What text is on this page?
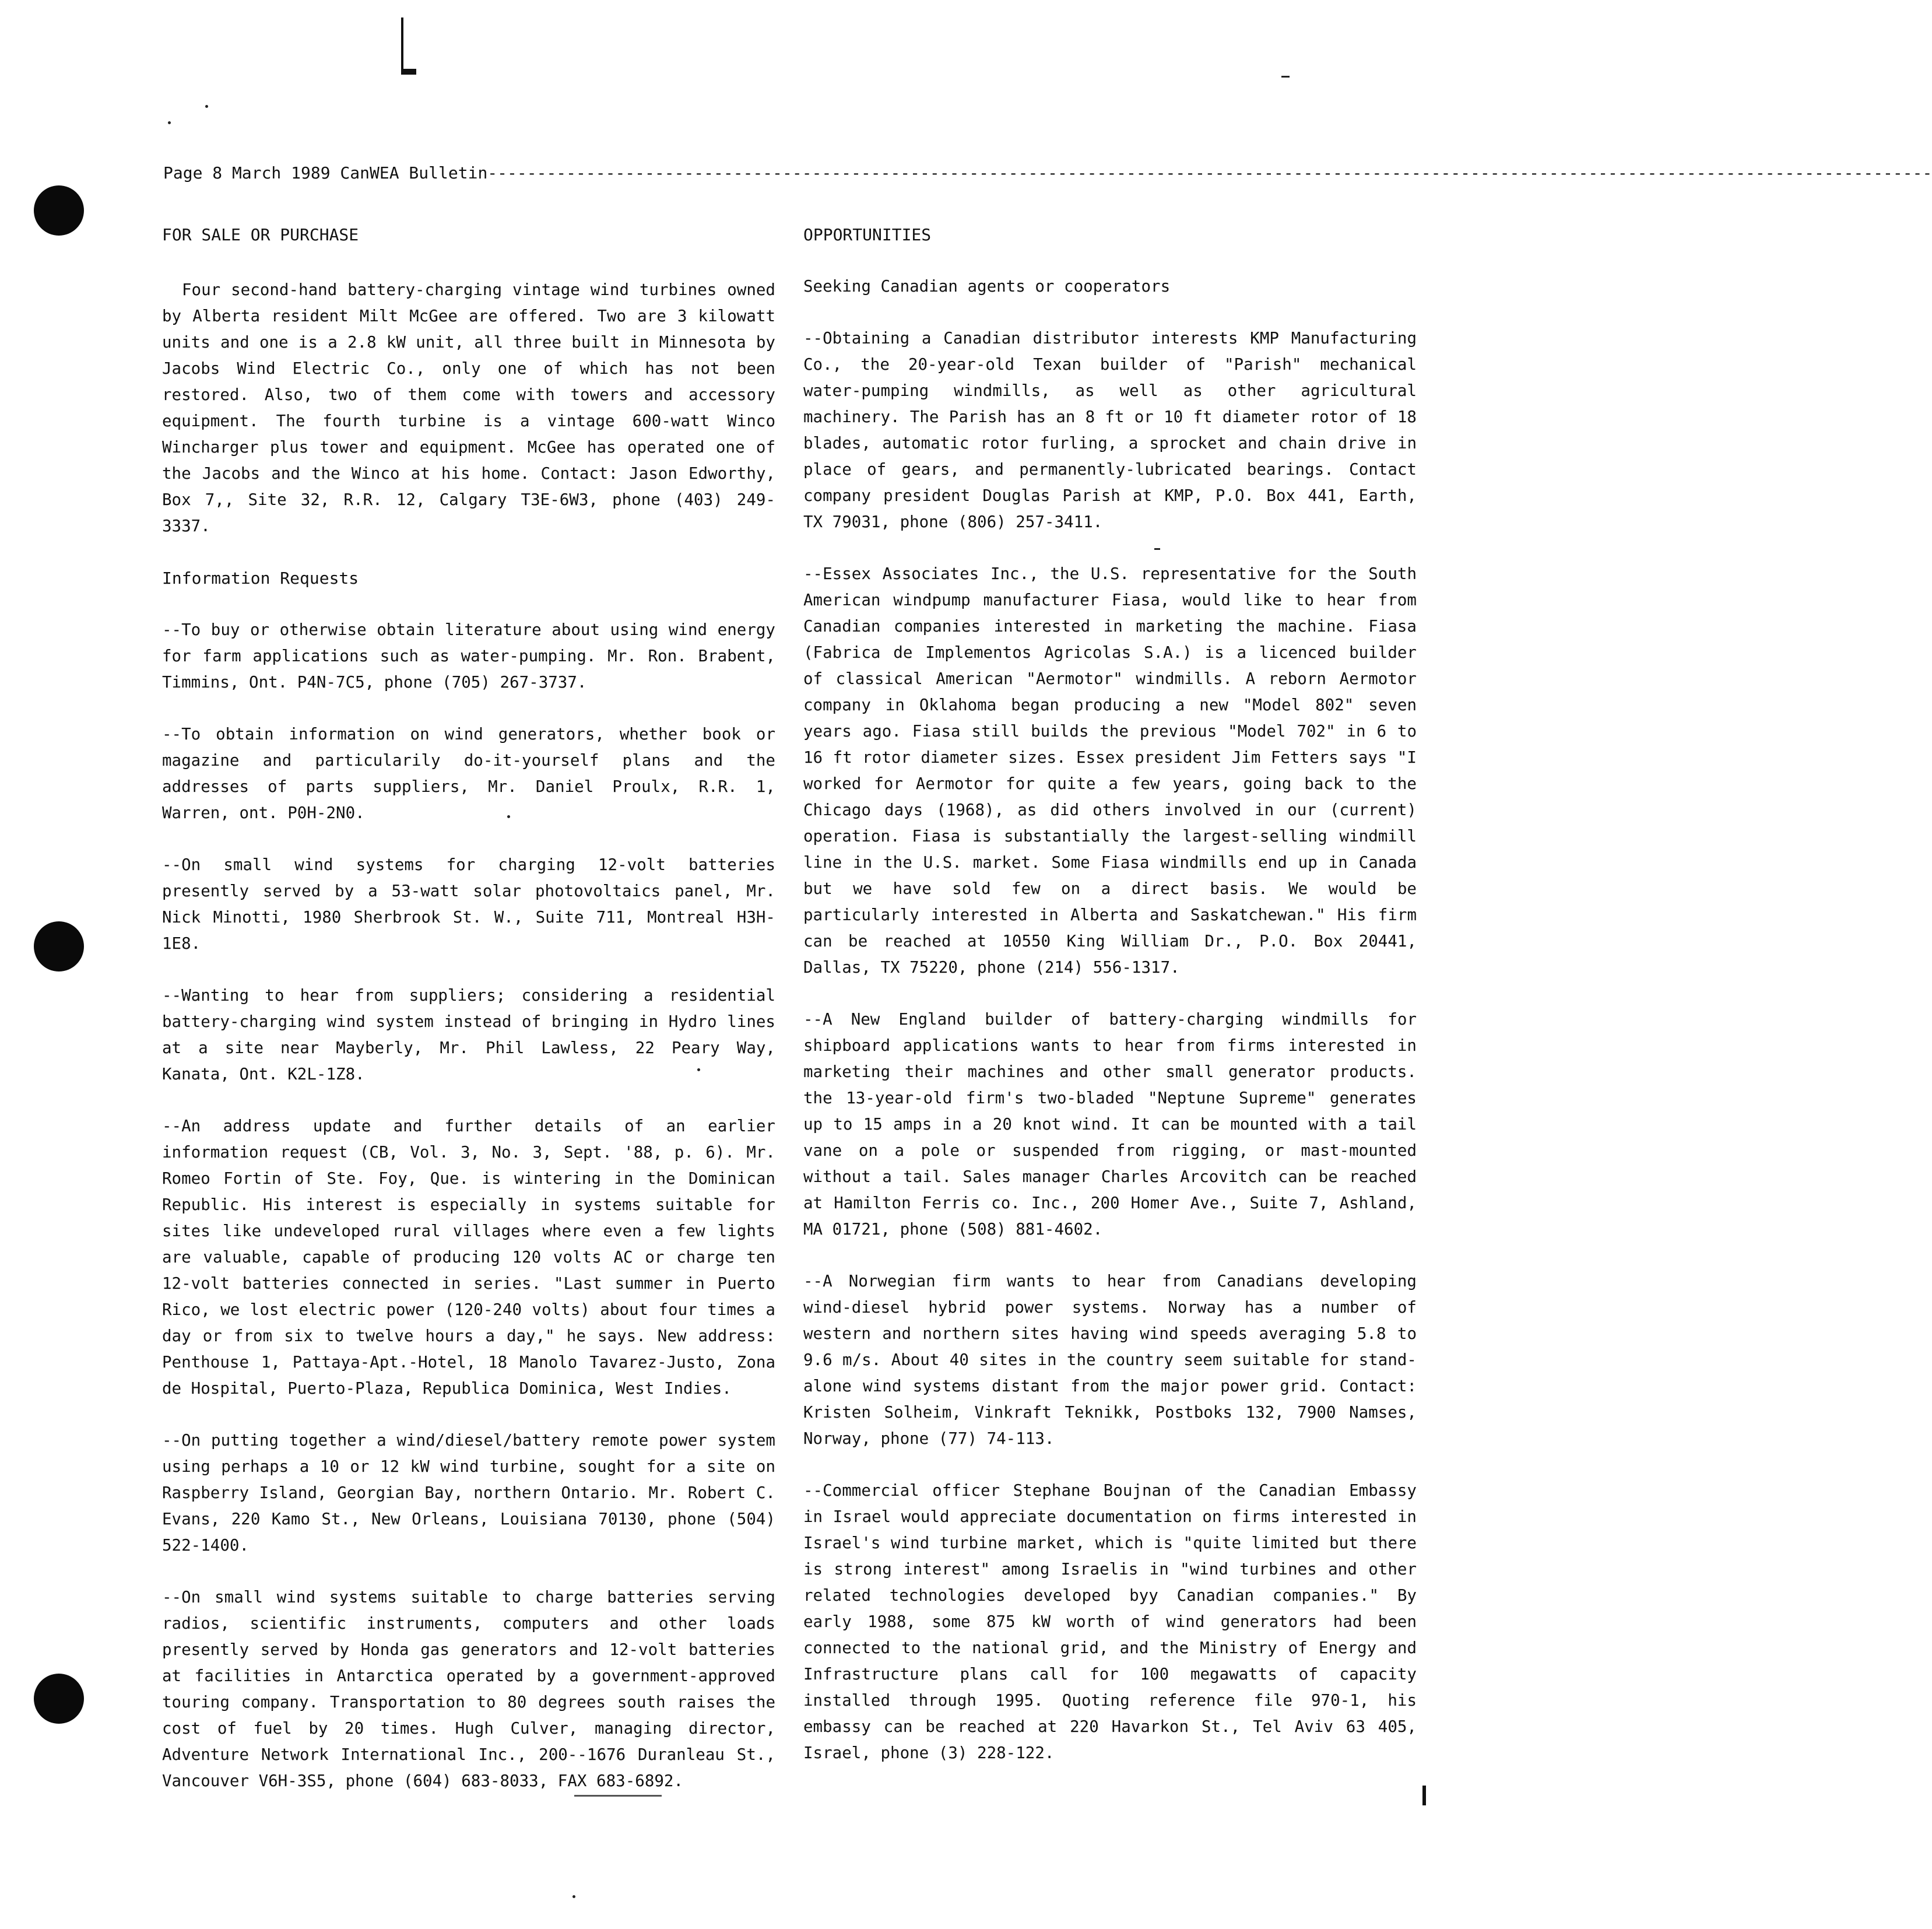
Page 8 March 1989 CanWEA Bulletin---------------------------------------------------------------------------------------------------------------------------------------------------
FOR SALE OR PURCHASE

Four second-hand battery-charging vintage wind turbines owned by Alberta resident Milt McGee are offered. Two are 3 kilowatt units and one is a 2.8 kW unit, all three built in Minnesota by Jacobs Wind Electric Co., only one of which has not been restored. Also, two of them come with towers and accessory equipment. The fourth turbine is a vintage 600-watt Winco Wincharger plus tower and equipment. McGee has operated one of the Jacobs and the Winco at his home. Contact: Jason Edworthy, Box 7,, Site 32, R.R. 12, Calgary T3E-6W3, phone (403) 249-3337.

Information Requests

--To buy or otherwise obtain literature about using wind energy for farm applications such as water-pumping. Mr. Ron. Brabent, Timmins, Ont. P4N-7C5, phone (705) 267-3737.

--To obtain information on wind generators, whether book or magazine and particularily do-it-yourself plans and the addresses of parts suppliers, Mr. Daniel Proulx, R.R. 1, Warren, ont. P0H-2N0.

--On small wind systems for charging 12-volt batteries presently served by a 53-watt solar photovoltaics panel, Mr. Nick Minotti, 1980 Sherbrook St. W., Suite 711, Montreal H3H-1E8.

--Wanting to hear from suppliers; considering a residential battery-charging wind system instead of bringing in Hydro lines at a site near Mayberly, Mr. Phil Lawless, 22 Peary Way, Kanata, Ont. K2L-1Z8.

--An address update and further details of an earlier information request (CB, Vol. 3, No. 3, Sept. '88, p. 6). Mr. Romeo Fortin of Ste. Foy, Que. is wintering in the Dominican Republic. His interest is especially in systems suitable for sites like undeveloped rural villages where even a few lights are valuable, capable of producing 120 volts AC or charge ten 12-volt batteries connected in series. "Last summer in Puerto Rico, we lost electric power (120-240 volts) about four times a day or from six to twelve hours a day," he says. New address: Penthouse 1, Pattaya-Apt.-Hotel, 18 Manolo Tavarez-Justo, Zona de Hospital, Puerto-Plaza, Republica Dominica, West Indies.

--On putting together a wind/diesel/battery remote power system using perhaps a 10 or 12 kW wind turbine, sought for a site on Raspberry Island, Georgian Bay, northern Ontario. Mr. Robert C. Evans, 220 Kamo St., New Orleans, Louisiana 70130, phone (504) 522-1400.

--On small wind systems suitable to charge batteries serving radios, scientific instruments, computers and other loads presently served by Honda gas generators and 12-volt batteries at facilities in Antarctica operated by a government-approved touring company. Transportation to 80 degrees south raises the cost of fuel by 20 times. Hugh Culver, managing director, Adventure Network International Inc., 200--1676 Duranleau St., Vancouver V6H-3S5, phone (604) 683-8033, FAX 683-6892.

OPPORTUNITIES

Seeking Canadian agents or cooperators

--Obtaining a Canadian distributor interests KMP Manufacturing Co., the 20-year-old Texan builder of "Parish" mechanical water-pumping windmills, as well as other agricultural machinery. The Parish has an 8 ft or 10 ft diameter rotor of 18 blades, automatic rotor furling, a sprocket and chain drive in place of gears, and permanently-lubricated bearings. Contact company president Douglas Parish at KMP, P.O. Box 441, Earth, TX 79031, phone (806) 257-3411.

--Essex Associates Inc., the U.S. representative for the South American windpump manufacturer Fiasa, would like to hear from Canadian companies interested in marketing the machine. Fiasa (Fabrica de Implementos Agricolas S.A.) is a licenced builder of classical American "Aermotor" windmills. A reborn Aermotor company in Oklahoma began producing a new "Model 802" seven years ago. Fiasa still builds the previous "Model 702" in 6 to 16 ft rotor diameter sizes. Essex president Jim Fetters says "I worked for Aermotor for quite a few years, going back to the Chicago days (1968), as did others involved in our (current) operation. Fiasa is substantially the largest-selling windmill line in the U.S. market. Some Fiasa windmills end up in Canada but we have sold few on a direct basis. We would be particularly interested in Alberta and Saskatchewan." His firm can be reached at 10550 King William Dr., P.O. Box 20441, Dallas, TX 75220, phone (214) 556-1317.

--A New England builder of battery-charging windmills for shipboard applications wants to hear from firms interested in marketing their machines and other small generator products. the 13-year-old firm's two-bladed "Neptune Supreme" generates up to 15 amps in a 20 knot wind. It can be mounted with a tail vane on a pole or suspended from rigging, or mast-mounted without a tail. Sales manager Charles Arcovitch can be reached at Hamilton Ferris co. Inc., 200 Homer Ave., Suite 7, Ashland, MA 01721, phone (508) 881-4602.

--A Norwegian firm wants to hear from Canadians developing wind-diesel hybrid power systems. Norway has a number of western and northern sites having wind speeds averaging 5.8 to 9.6 m/s. About 40 sites in the country seem suitable for stand-alone wind systems distant from the major power grid. Contact: Kristen Solheim, Vinkraft Teknikk, Postboks 132, 7900 Namses, Norway, phone (77) 74-113.

--Commercial officer Stephane Boujnan of the Canadian Embassy in Israel would appreciate documentation on firms interested in Israel's wind turbine market, which is "quite limited but there is strong interest" among Israelis in "wind turbines and other related technologies developed byy Canadian companies." By early 1988, some 875 kW worth of wind generators had been connected to the national grid, and the Ministry of Energy and Infrastructure plans call for 100 megawatts of capacity installed through 1995. Quoting reference file 970-1, his embassy can be reached at 220 Havarkon St., Tel Aviv 63 405, Israel, phone (3) 228-122.
